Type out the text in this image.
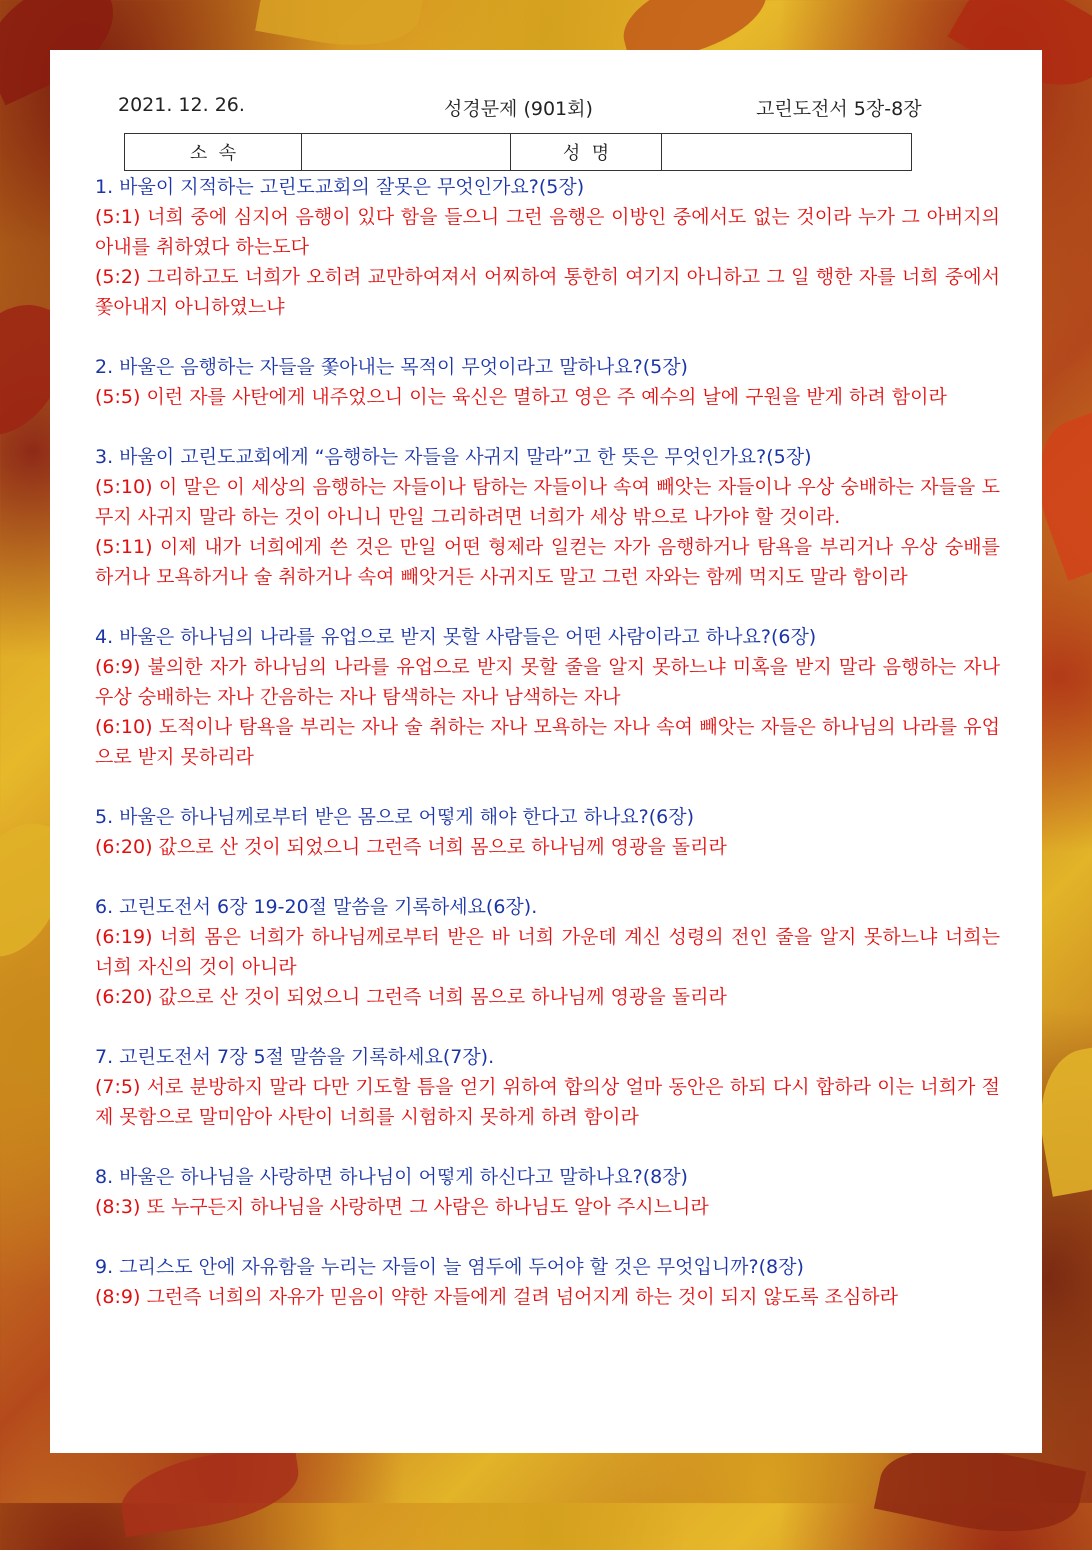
2021. 12. 26.	성경문제 (901회)	고린도전서 5장-8장
소  속		성  명	
1. 바울이 지적하는 고린도교회의 잘못은 무엇인가요?(5장)
(5:1) 너희 중에 심지어 음행이 있다 함을 들으니 그런 음행은 이방인 중에서도 없는 것이라 누가 그 아버지의 아내를 취하였다 하는도다
(5:2) 그리하고도 너희가 오히려 교만하여져서 어찌하여 통한히 여기지 아니하고 그 일 행한 자를 너희 중에서 쫓아내지 아니하였느냐
2. 바울은 음행하는 자들을 쫓아내는 목적이 무엇이라고 말하나요?(5장)
(5:5) 이런 자를 사탄에게 내주었으니 이는 육신은 멸하고 영은 주 예수의 날에 구원을 받게 하려 함이라
3. 바울이 고린도교회에게 “음행하는 자들을 사귀지 말라”고 한 뜻은 무엇인가요?(5장)
(5:10) 이 말은 이 세상의 음행하는 자들이나 탐하는 자들이나 속여 빼앗는 자들이나 우상 숭배하는 자들을 도무지 사귀지 말라 하는 것이 아니니 만일 그리하려면 너희가 세상 밖으로 나가야 할 것이라.
(5:11) 이제 내가 너희에게 쓴 것은 만일 어떤 형제라 일컫는 자가 음행하거나 탐욕을 부리거나 우상 숭배를 하거나 모욕하거나 술 취하거나 속여 빼앗거든 사귀지도 말고 그런 자와는 함께 먹지도 말라 함이라
4. 바울은 하나님의 나라를 유업으로 받지 못할 사람들은 어떤 사람이라고 하나요?(6장)
(6:9) 불의한 자가 하나님의 나라를 유업으로 받지 못할 줄을 알지 못하느냐 미혹을 받지 말라 음행하는 자나 우상 숭배하는 자나 간음하는 자나 탐색하는 자나 남색하는 자나
(6:10) 도적이나 탐욕을 부리는 자나 술 취하는 자나 모욕하는 자나 속여 빼앗는 자들은 하나님의 나라를 유업으로 받지 못하리라
5. 바울은 하나님께로부터 받은 몸으로 어떻게 해야 한다고 하나요?(6장)
(6:20) 값으로 산 것이 되었으니 그런즉 너희 몸으로 하나님께 영광을 돌리라
6. 고린도전서 6장 19-20절 말씀을 기록하세요(6장).
(6:19) 너희 몸은 너희가 하나님께로부터 받은 바 너희 가운데 계신 성령의 전인 줄을 알지 못하느냐 너희는 너희 자신의 것이 아니라
(6:20) 값으로 산 것이 되었으니 그런즉 너희 몸으로 하나님께 영광을 돌리라
7. 고린도전서 7장 5절 말씀을 기록하세요(7장).
(7:5) 서로 분방하지 말라 다만 기도할 틈을 얻기 위하여 합의상 얼마 동안은 하되 다시 합하라 이는 너희가 절제 못함으로 말미암아 사탄이 너희를 시험하지 못하게 하려 함이라
8. 바울은 하나님을 사랑하면 하나님이 어떻게 하신다고 말하나요?(8장)
(8:3) 또 누구든지 하나님을 사랑하면 그 사람은 하나님도 알아 주시느니라
9. 그리스도 안에 자유함을 누리는 자들이 늘 염두에 두어야 할 것은 무엇입니까?(8장)
(8:9) 그런즉 너희의 자유가 믿음이 약한 자들에게 걸려 넘어지게 하는 것이 되지 않도록 조심하라
